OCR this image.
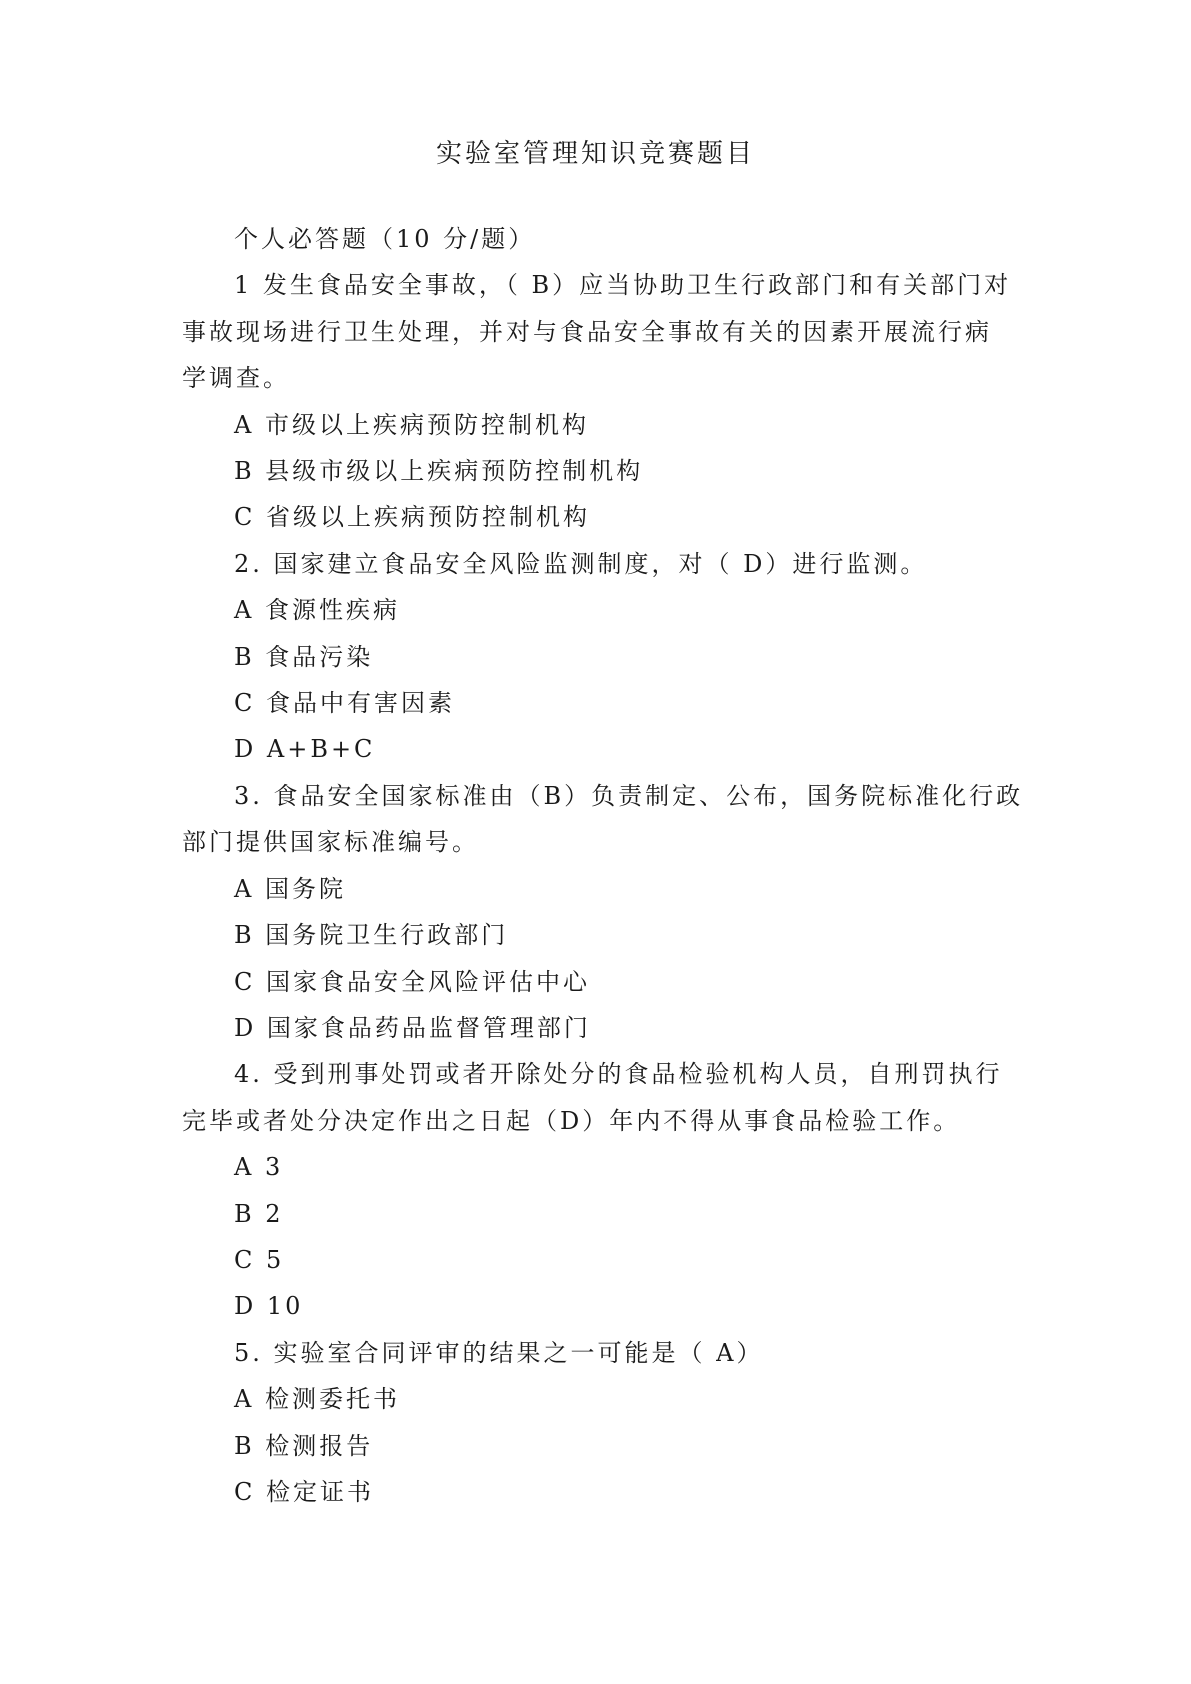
实验室管理知识竞赛题目

个人必答题（10 分/题）

1 发生食品安全事故，（ B）应当协助卫生行政部门和有关部门对

事故现场进行卫生处理，并对与食品安全事故有关的因素开展流行病

学调查。

A 市级以上疾病预防控制机构

B 县级市级以上疾病预防控制机构

C 省级以上疾病预防控制机构

2. 国家建立食品安全风险监测制度，对（ D）进行监测。

A 食源性疾病

B 食品污染

C 食品中有害因素

D A+B+C

3. 食品安全国家标准由（B）负责制定、公布，国务院标准化行政

部门提供国家标准编号。

A 国务院

B 国务院卫生行政部门

C 国家食品安全风险评估中心

D 国家食品药品监督管理部门

4. 受到刑事处罚或者开除处分的食品检验机构人员，自刑罚执行

完毕或者处分决定作出之日起（D）年内不得从事食品检验工作。

A 3

B 2

C 5

D 10

5. 实验室合同评审的结果之一可能是（ A）

A 检测委托书

B 检测报告

C 检定证书
